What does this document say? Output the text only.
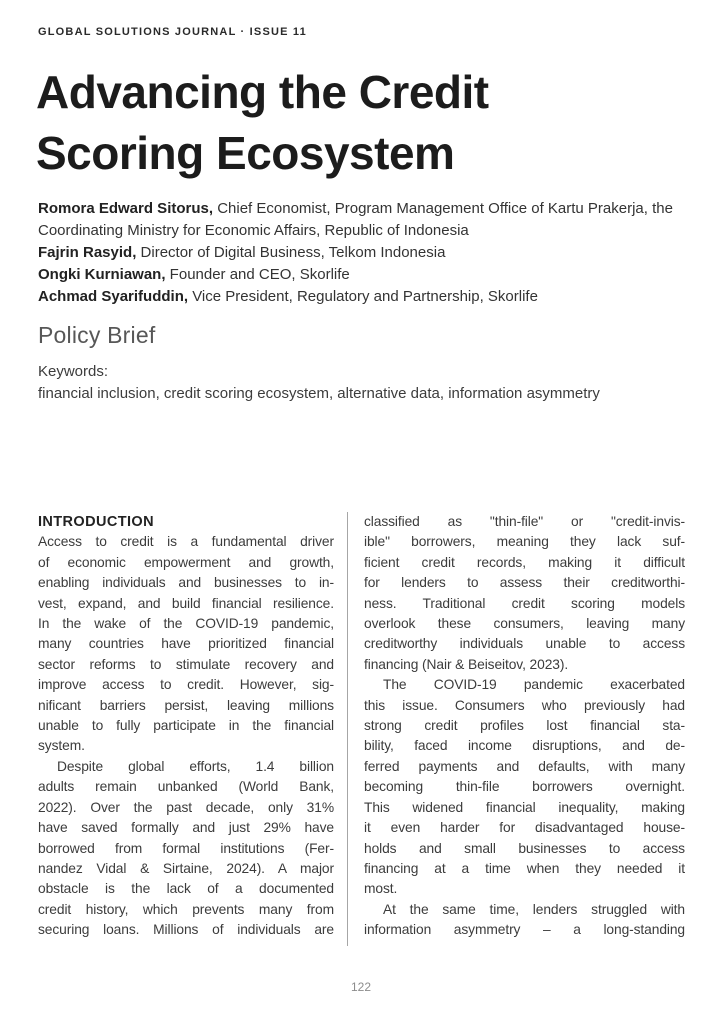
GLOBAL SOLUTIONS JOURNAL · ISSUE 11
Advancing the Credit
Scoring Ecosystem
Romora Edward Sitorus, Chief Economist, Program Management Office of Kartu Prakerja, the Coordinating Ministry for Economic Affairs, Republic of Indonesia
Fajrin Rasyid, Director of Digital Business, Telkom Indonesia
Ongki Kurniawan, Founder and CEO, Skorlife
Achmad Syarifuddin, Vice President, Regulatory and Partnership, Skorlife
Policy Brief
Keywords:
financial inclusion, credit scoring ecosystem, alternative data, information asymmetry
INTRODUCTION
Access to credit is a fundamental driver
of economic empowerment and growth,
enabling individuals and businesses to in-
vest, expand, and build financial resilience.
In the wake of the COVID-19 pandemic,
many countries have prioritized financial
sector reforms to stimulate recovery and
improve access to credit. However, sig-
nificant barriers persist, leaving millions
unable to fully participate in the financial
system.
Despite global efforts, 1.4 billion
adults remain unbanked (World Bank,
2022). Over the past decade, only 31%
have saved formally and just 29% have
borrowed from formal institutions (Fer-
nandez Vidal & Sirtaine, 2024). A major
obstacle is the lack of a documented
credit history, which prevents many from
securing loans. Millions of individuals are
classified as "thin-file" or "credit-invis-
ible" borrowers, meaning they lack suf-
ficient credit records, making it difficult
for lenders to assess their creditworthi-
ness. Traditional credit scoring models
overlook these consumers, leaving many
creditworthy individuals unable to access
financing (Nair & Beiseitov, 2023).
The COVID-19 pandemic exacerbated
this issue. Consumers who previously had
strong credit profiles lost financial sta-
bility, faced income disruptions, and de-
ferred payments and defaults, with many
becoming thin-file borrowers overnight.
This widened financial inequality, making
it even harder for disadvantaged house-
holds and small businesses to access
financing at a time when they needed it
most.
At the same time, lenders struggled with
information asymmetry – a long-standing
122
